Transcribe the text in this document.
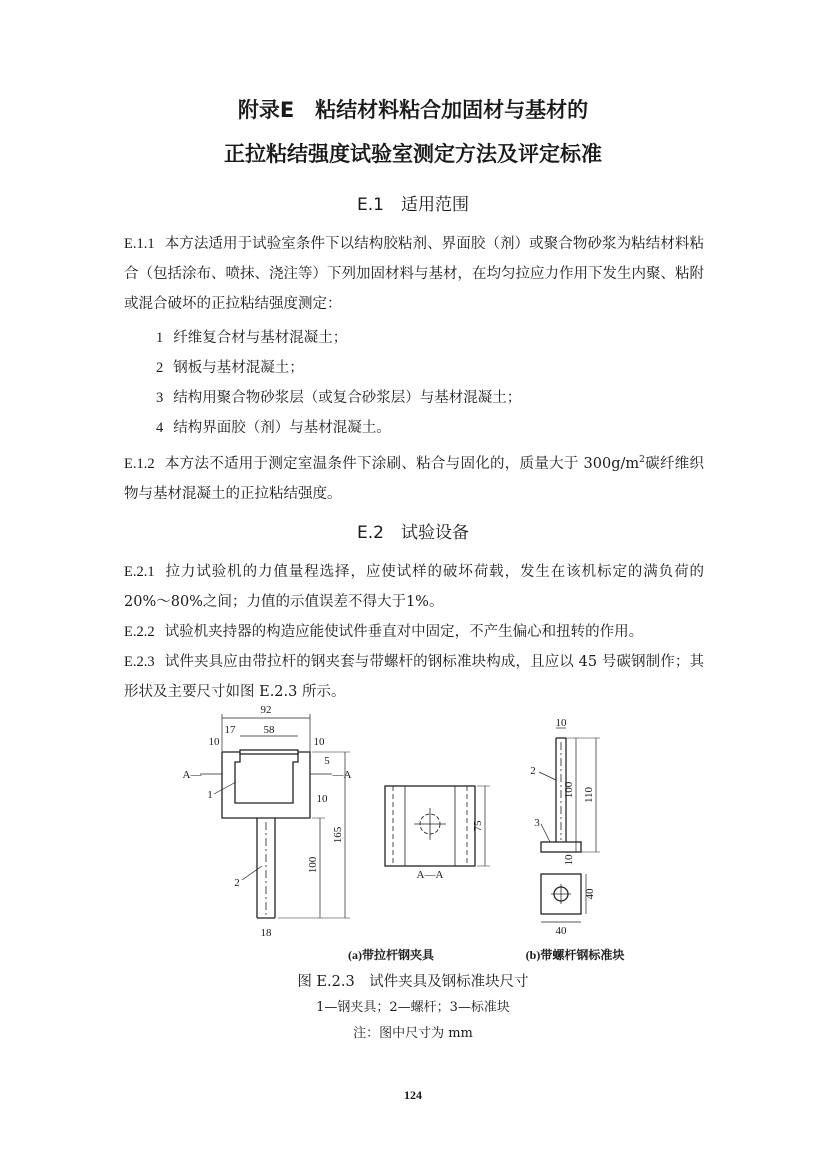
附录E　粘结材料粘合加固材与基材的
正拉粘结强度试验室测定方法及评定标准
E.1　适用范围
E.1.1 本方法适用于试验室条件下以结构胶粘剂、界面胶（剂）或聚合物砂浆为粘结材料粘合（包括涂布、喷抹、浇注等）下列加固材料与基材，在均匀拉应力作用下发生内聚、粘附或混合破坏的正拉粘结强度测定：
1 纤维复合材与基材混凝土；
2 钢板与基材混凝土；
3 结构用聚合物砂浆层（或复合砂浆层）与基材混凝土；
4 结构界面胶（剂）与基材混凝土。
E.1.2 本方法不适用于测定室温条件下涂刷、粘合与固化的，质量大于 $300g/m^2$碳纤维织物与基材混凝土的正拉粘结强度。
E.2　试验设备
E.2.1 拉力试验机的力值量程选择，应使试样的破坏荷载，发生在该机标定的满负荷的20%～80%之间；力值的示值误差不得大于1%。
E.2.2 试验机夹持器的构造应能使试件垂直对中固定，不产生偏心和扭转的作用。
E.2.3 试件夹具应由带拉杆的钢夹套与带螺杆的钢标准块构成，且应以 45 号碳钢制作；其形状及主要尺寸如图 E.2.3 所示。
92
58
17
10	10
5
10
165
100
18
A—	—A
1
2
A—A
75
10
100 110
10
40
40
2
3
(a)带拉杆钢夹具	(b)带螺杆钢标准块
图 E.2.3　试件夹具及钢标准块尺寸
1—钢夹具；2—螺杆；3—标准块
注：图中尺寸为 mm
124
